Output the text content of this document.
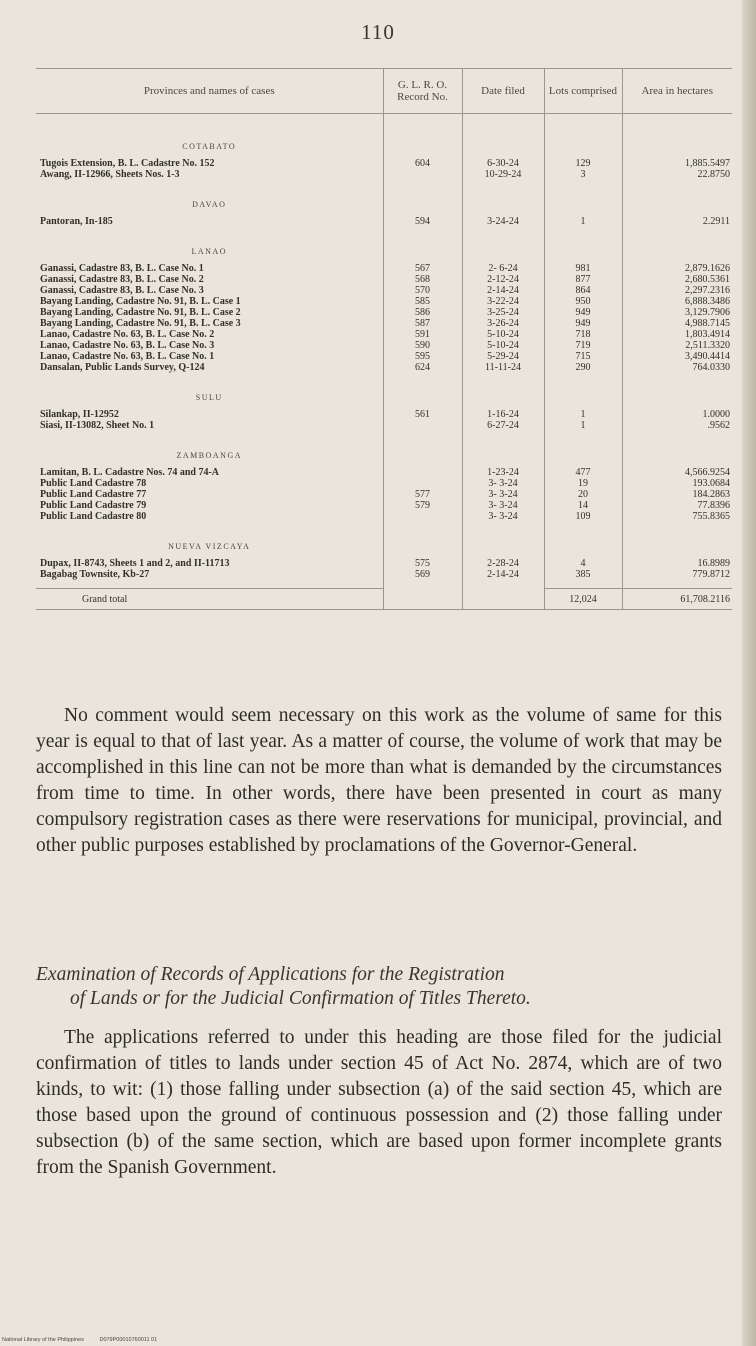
110
Provinces and names of cases	G. L. R. O. Record No.	Date filed	Lots comprised	Area in hectares
COTABATO				
Tugois Extension, B. L. Cadastre No. 152	604	6-30-24	129	1,885.5497
Awang, II-12966, Sheets Nos. 1-3		10-29-24	3	22.8750
DAVAO				
Pantoran, In-185	594	3-24-24	1	2.2911
LANAO				
Ganassi, Cadastre 83, B. L. Case No. 1	567	2- 6-24	981	2,879.1626
Ganassi, Cadastre 83, B. L. Case No. 2	568	2-12-24	877	2,680.5361
Ganassi, Cadastre 83, B. L. Case No. 3	570	2-14-24	864	2,297.2316
Bayang Landing, Cadastre No. 91, B. L. Case 1	585	3-22-24	950	6,888.3486
Bayang Landing, Cadastre No. 91, B. L. Case 2	586	3-25-24	949	3,129.7906
Bayang Landing, Cadastre No. 91, B. L. Case 3	587	3-26-24	949	4,988.7145
Lanao, Cadastre No. 63, B. L. Case No. 2	591	5-10-24	718	1,803.4914
Lanao, Cadastre No. 63, B. L. Case No. 3	590	5-10-24	719	2,511.3320
Lanao, Cadastre No. 63, B. L. Case No. 1	595	5-29-24	715	3,490.4414
Dansalan, Public Lands Survey, Q-124	624	11-11-24	290	764.0330
SULU				
Silankap, II-12952	561	1-16-24	1	1.0000
Siasi, II-13082, Sheet No. 1		6-27-24	1	.9562
ZAMBOANGA				
Lamitan, B. L. Cadastre Nos. 74 and 74-A		1-23-24	477	4,566.9254
Public Land Cadastre 78		3- 3-24	19	193.0684
Public Land Cadastre 77	577	3- 3-24	20	184.2863
Public Land Cadastre 79	579	3- 3-24	14	77.8396
Public Land Cadastre 80		3- 3-24	109	755.8365
NUEVA VIZCAYA				
Dupax, II-8743, Sheets 1 and 2, and II-11713	575	2-28-24	4	16.8989
Bagabag Townsite, Kb-27	569	2-14-24	385	779.8712

Grand total			12,024	61,708.2116

No comment would seem necessary on this work as the volume of same for this year is equal to that of last year. As a matter of course, the volume of work that may be accomplished in this line can not be more than what is demanded by the circumstances from time to time. In other words, there have been presented in court as many compulsory registration cases as there were reservations for municipal, provincial, and other public purposes established by proclamations of the Governor-General.

Examination of Records of Applications for the Registration
of Lands or for the Judicial Confirmation of Titles Thereto.

The applications referred to under this heading are those filed for the judicial confirmation of titles to lands under section 45 of Act No. 2874, which are of two kinds, to wit: (1) those falling under subsection (a) of the said section 45, which are those based upon the ground of continuous possession and (2) those falling under subsection (b) of the same section, which are based upon former incomplete grants from the Spanish Government.

National Library of the Philippines	D079P00010760011 01
